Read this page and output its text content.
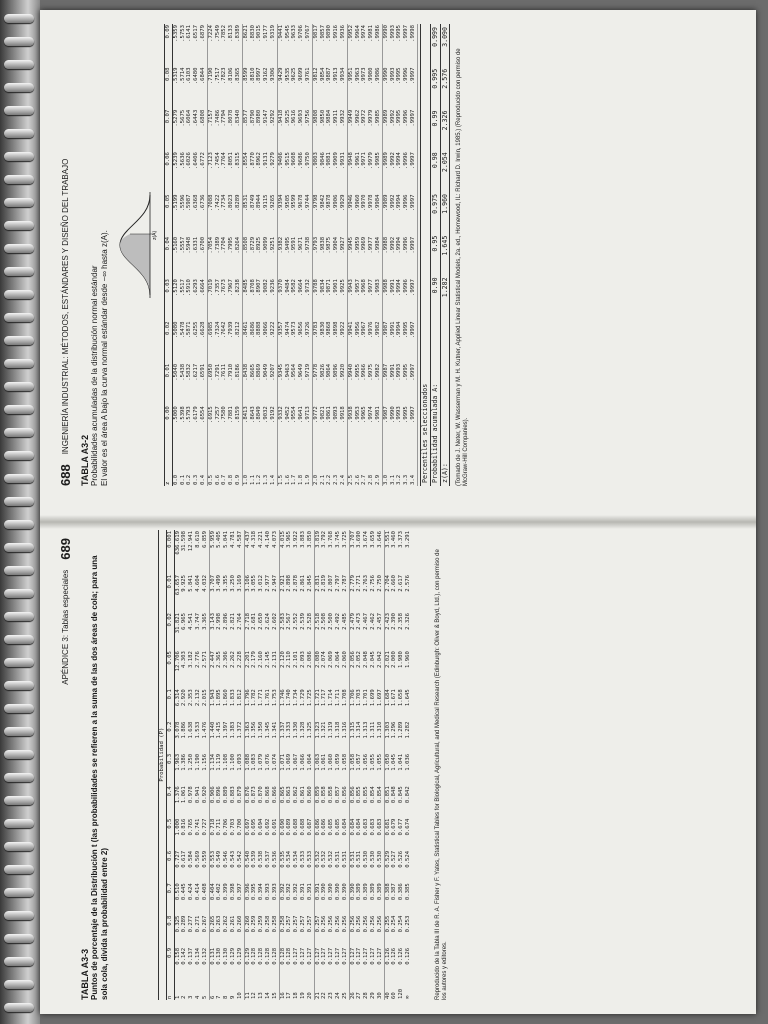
688
INGENIERÍA INDUSTRIAL: MÉTODOS, ESTÁNDARES Y DISEÑO DEL TRABAJO
TABLA A3-2 Probabilidades acumuladas de la distribución normal estándar El valor es el área A bajo la curva normal estándar desde −∞ hasta z(A).	z(A)
z	0.00	0.01	0.02	0.03	0.04	0.05	0.06	0.07	0.08	0.09
0.0	.5000	.5040	.5080	.5120	.5160	.5199	.5239	.5279	.5319	.5359
0.1	.5398	.5438	.5478	.5517	.5557	.5596	.5636	.5675	.5714	.5753
0.2	.5793	.5832	.5871	.5910	.5948	.5987	.6026	.6064	.6103	.6141
0.3	.6179	.6217	.6255	.6293	.6331	.6368	.6406	.6443	.6480	.6517
0.4	.6554	.6591	.6628	.6664	.6700	.6736	.6772	.6808	.6844	.6879
0.5	.6915	.6950	.6985	.7019	.7054	.7088	.7123	.7157	.7190	.7224
0.6	.7257	.7291	.7324	.7357	.7389	.7422	.7454	.7486	.7517	.7549
0.7	.7580	.7611	.7642	.7673	.7704	.7734	.7764	.7794	.7823	.7852
0.8	.7881	.7910	.7939	.7967	.7995	.8023	.8051	.8078	.8106	.8133
0.9	.8159	.8186	.8212	.8238	.8264	.8289	.8315	.8340	.8365	.8389
1.0	.8413	.8438	.8461	.8485	.8508	.8531	.8554	.8577	.8599	.8621
1.1	.8643	.8665	.8686	.8708	.8729	.8749	.8770	.8790	.8810	.8830
1.2	.8849	.8869	.8888	.8907	.8925	.8944	.8962	.8980	.8997	.9015
1.3	.9032	.9049	.9066	.9082	.9099	.9115	.9131	.9147	.9162	.9177
1.4	.9192	.9207	.9222	.9236	.9251	.9265	.9279	.9292	.9306	.9319
1.5	.9332	.9345	.9357	.9370	.9382	.9394	.9406	.9418	.9429	.9441
1.6	.9452	.9463	.9474	.9484	.9495	.9505	.9515	.9525	.9535	.9545
1.7	.9554	.9564	.9573	.9582	.9591	.9599	.9608	.9616	.9625	.9633
1.8	.9641	.9649	.9656	.9664	.9671	.9678	.9686	.9693	.9699	.9706
1.9	.9713	.9719	.9726	.9732	.9738	.9744	.9750	.9756	.9761	.9767
2.0	.9772	.9778	.9783	.9788	.9793	.9798	.9803	.9808	.9812	.9817
2.1	.9821	.9826	.9830	.9834	.9838	.9842	.9846	.9850	.9854	.9857
2.2	.9861	.9864	.9868	.9871	.9875	.9878	.9881	.9884	.9887	.9890
2.3	.9893	.9896	.9898	.9901	.9904	.9906	.9909	.9911	.9913	.9916
2.4	.9918	.9920	.9922	.9925	.9927	.9929	.9931	.9932	.9934	.9936
2.5	.9938	.9940	.9941	.9943	.9945	.9946	.9948	.9949	.9951	.9952
2.6	.9953	.9955	.9956	.9957	.9959	.9960	.9961	.9962	.9963	.9964
2.7	.9965	.9966	.9967	.9968	.9969	.9970	.9971	.9972	.9973	.9974
2.8	.9974	.9975	.9976	.9977	.9977	.9978	.9979	.9979	.9980	.9981
2.9	.9981	.9982	.9982	.9983	.9984	.9984	.9985	.9985	.9986	.9986
3.0	.9987	.9987	.9987	.9988	.9988	.9989	.9989	.9989	.9990	.9990
3.1	.9990	.9991	.9991	.9991	.9992	.9992	.9992	.9992	.9993	.9993
3.2	.9993	.9993	.9994	.9994	.9994	.9994	.9994	.9995	.9995	.9995
3.3	.9995	.9995	.9995	.9996	.9996	.9996	.9996	.9996	.9996	.9997
3.4	.9997	.9997	.9997	.9997	.9997	.9997	.9997	.9997	.9997	.9998
Percentiles seleccionados							
Probabilidad acumulada A:	0.90	0.95	0.975	0.98	0.99	0.995	0.999
z(A):	1.282	1.645	1.960	2.054	2.326	2.576	3.090
(Tomado de J. Neter, W. Wasserman y M. H. Kutner, Applied Linear Statistical Models, 2a. ed., Homewood, IL: Richard D. Irwin, 1985.) (Reproducido con permiso de McGraw-Hill Companies).
APÉNDICE 3: Tablas especiales
689
TABLA A3-3 Puntos de porcentaje de la Distribución t (las probabilidades se refieren a la suma de las dos áreas de cola; para una sola cola, divida la probabilidad entre 2)
	Probabilidad (P)												
n	0.9	0.8	0.7	0.6	0.5	0.4	0.3	0.2	0.1	0.05	0.02	0.01	0.001
1	0.158	0.325	0.510	0.727	1.000	1.376	1.963	3.078	6.314	12.706	31.821	63.657	636.619
2	0.142	0.289	0.445	0.617	0.816	1.061	1.386	1.886	2.920	4.303	6.965	9.925	31.598
3	0.137	0.277	0.424	0.584	0.765	0.978	1.250	1.638	2.353	3.182	4.541	5.841	12.941
4	0.134	0.271	0.414	0.569	0.741	0.941	1.190	1.533	2.132	2.776	3.747	4.604	8.610
5	0.132	0.267	0.408	0.559	0.727	0.920	1.156	1.476	2.015	2.571	3.365	4.032	6.859
6	0.131	0.265	0.404	0.553	0.718	0.906	1.134	1.440	1.943	2.447	3.143	3.707	5.959
7	0.130	0.263	0.402	0.549	0.711	0.896	1.119	1.415	1.895	2.365	2.998	3.499	5.405
8	0.130	0.262	0.399	0.546	0.706	0.889	1.108	1.397	1.860	2.306	2.896	3.355	5.041
9	0.129	0.261	0.398	0.543	0.703	0.883	1.100	1.383	1.833	2.262	2.821	3.250	4.781
10	0.129	0.260	0.397	0.542	0.700	0.879	1.093	1.372	1.812	2.228	2.764	3.169	4.587
11	0.129	0.260	0.396	0.540	0.697	0.876	1.088	1.363	1.796	2.201	2.718	3.106	4.437
12	0.128	0.259	0.395	0.539	0.695	0.873	1.083	1.356	1.782	2.179	2.681	3.055	4.318
13	0.128	0.259	0.394	0.538	0.694	0.870	1.079	1.350	1.771	2.160	2.650	3.012	4.221
14	0.128	0.258	0.393	0.537	0.692	0.868	1.076	1.345	1.761	2.145	2.624	2.977	4.140
15	0.128	0.258	0.393	0.536	0.691	0.866	1.074	1.341	1.753	2.131	2.602	2.947	4.073
16	0.128	0.258	0.392	0.535	0.690	0.865	1.071	1.337	1.746	2.120	2.583	2.921	4.015
17	0.128	0.257	0.392	0.534	0.689	0.863	1.069	1.333	1.740	2.110	2.567	2.898	3.965
18	0.127	0.257	0.392	0.534	0.688	0.862	1.067	1.330	1.734	2.101	2.552	2.878	3.922
19	0.127	0.257	0.391	0.533	0.688	0.861	1.066	1.328	1.729	2.093	2.539	2.861	3.883
20	0.127	0.257	0.391	0.533	0.687	0.860	1.064	1.325	1.725	2.086	2.528	2.845	3.850
21	0.127	0.257	0.391	0.532	0.686	0.859	1.063	1.323	1.721	2.080	2.518	2.831	3.819
22	0.127	0.256	0.390	0.532	0.686	0.858	1.061	1.321	1.717	2.074	2.508	2.819	3.792
23	0.127	0.256	0.390	0.532	0.685	0.858	1.060	1.319	1.714	2.069	2.500	2.807	3.768
24	0.127	0.256	0.390	0.531	0.685	0.857	1.059	1.318	1.711	2.064	2.492	2.797	3.745
25	0.127	0.256	0.390	0.531	0.684	0.856	1.058	1.316	1.708	2.060	2.485	2.787	3.725
26	0.127	0.256	0.390	0.531	0.684	0.856	1.058	1.315	1.706	2.056	2.479	2.779	3.707
27	0.127	0.256	0.389	0.531	0.684	0.855	1.057	1.314	1.703	2.052	2.473	2.771	3.690
28	0.127	0.256	0.389	0.530	0.683	0.855	1.056	1.313	1.701	2.048	2.467	2.763	3.674
29	0.127	0.256	0.389	0.530	0.683	0.854	1.055	1.311	1.699	2.045	2.462	2.756	3.659
30	0.127	0.256	0.389	0.530	0.683	0.854	1.055	1.310	1.697	2.042	2.457	2.750	3.646
40	0.126	0.255	0.388	0.529	0.681	0.851	1.050	1.303	1.684	2.021	2.423	2.704	3.551
60	0.126	0.254	0.387	0.527	0.679	0.848	1.045	1.296	1.671	2.000	2.390	2.660	3.460
120	0.126	0.254	0.386	0.526	0.677	0.845	1.041	1.289	1.658	1.980	2.358	2.617	3.373
∞	0.126	0.253	0.385	0.524	0.674	0.842	1.036	1.282	1.645	1.960	2.326	2.576	3.291
Reproducido de la Tabla III de R. A. Fisher y F. Yates, Statistical Tables for Biological, Agricultural, and Medical Research (Edinburgh: Oliver & Boyd, Ltd.), con permiso de los autores y editores.
